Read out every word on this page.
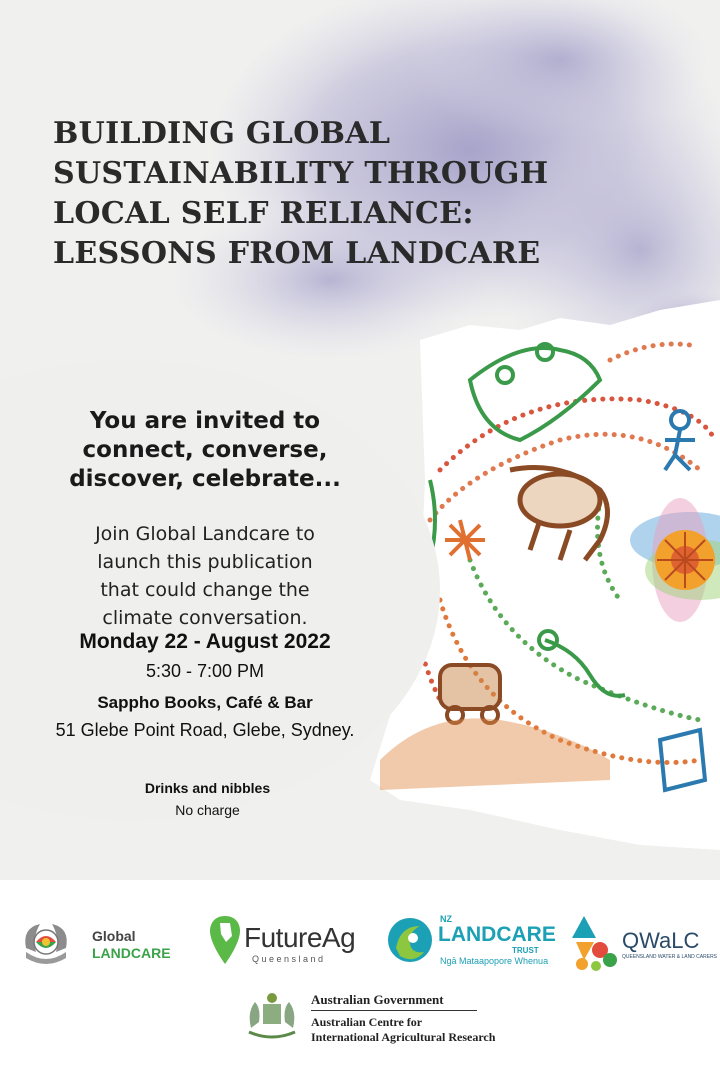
BUILDING GLOBAL
SUSTAINABILITY THROUGH
LOCAL SELF RELIANCE:
LESSONS FROM LANDCARE

You are invited to
connect, converse,
discover, celebrate...

Join Global Landcare to
launch this publication
that could change the
climate conversation.

Monday 22 - August 2022
5:30 - 7:00 PM
Sappho Books, Café & Bar
51 Glebe Point Road, Glebe, Sydney.
Drinks and nibbles
No charge
Global
LANDCARE	FutureAg
Queensland
NZ
LANDCARE
TRUST
Ngā Mataapopore Whenua
QWaLC
QUEENSLAND WATER & LAND CARERS
Australian Government
Australian Centre for
International Agricultural Research
